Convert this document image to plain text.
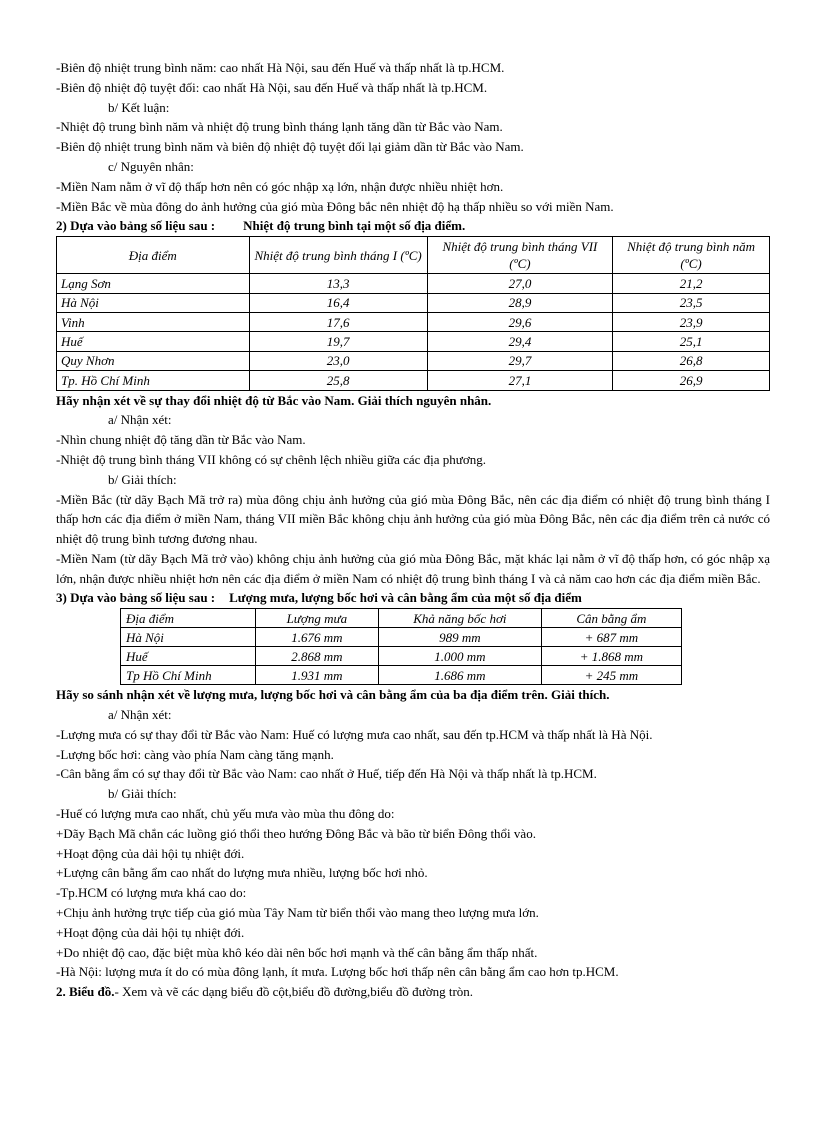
-Biên độ nhiệt trung bình năm: cao nhất Hà Nội, sau đến Huế và thấp nhất là tp.HCM.
-Biên độ nhiệt độ tuyệt đối: cao nhất Hà Nội, sau đến Huế và thấp nhất là tp.HCM.
b/ Kết luận:
-Nhiệt độ trung bình năm và nhiệt độ trung bình tháng lạnh tăng dần từ Bắc vào Nam.
-Biên độ nhiệt trung bình năm và biên độ nhiệt độ tuyệt đối lại giảm dần từ Bắc vào Nam.
c/ Nguyên nhân:
-Miền Nam nằm ở vĩ độ thấp hơn nên có góc nhập xạ lớn, nhận được nhiều nhiệt hơn.
-Miền Bắc về mùa đông do ảnh hưởng của gió mùa Đông bắc nên nhiệt độ hạ thấp nhiều so với miền Nam.
2) Dựa vào bảng số liệu sau : Nhiệt độ trung bình tại một số địa điểm.
Địa điểm	Nhiệt độ trung bình tháng I (ºC)	Nhiệt độ trung bình tháng VII (ºC)	Nhiệt độ trung bình năm (ºC)
Lạng Sơn	13,3	27,0	21,2
Hà Nội	16,4	28,9	23,5
Vinh	17,6	29,6	23,9
Huế	19,7	29,4	25,1
Quy Nhơn	23,0	29,7	26,8
Tp. Hồ Chí Minh	25,8	27,1	26,9
Hãy nhận xét về sự thay đổi nhiệt độ từ Bắc vào Nam. Giải thích nguyên nhân.
a/ Nhận xét:
-Nhìn chung nhiệt độ tăng dần từ Bắc vào Nam.
-Nhiệt độ trung bình tháng VII không có sự chênh lệch nhiều giữa các địa phương.
b/ Giải thích:
-Miền Bắc (từ dãy Bạch Mã trở ra) mùa đông chịu ảnh hưởng của gió mùa Đông Bắc, nên các địa điểm có nhiệt độ trung bình tháng I thấp hơn các địa điểm ở miền Nam, tháng VII miền Bắc không chịu ảnh hưởng của gió mùa Đông Bắc, nên các địa điểm trên cả nước có nhiệt độ trung bình tương đương nhau.
-Miền Nam (từ dãy Bạch Mã trở vào) không chịu ảnh hưởng của gió mùa Đông Bắc, mặt khác lại nằm ở vĩ độ thấp hơn, có góc nhập xạ lớn, nhận được nhiều nhiệt hơn nên các địa điểm ở miền Nam có nhiệt độ trung bình tháng I và cả năm cao hơn các địa điểm miền Bắc.
3) Dựa vào bảng số liệu sau : Lượng mưa, lượng bốc hơi và cân bằng ẩm của một số địa điểm
Địa điểm	Lượng mưa	Khả năng bốc hơi	Cân bằng ẩm
Hà Nội	1.676 mm	989 mm	+ 687 mm
Huế	2.868 mm	1.000 mm	+ 1.868 mm
Tp Hồ Chí Minh	1.931 mm	1.686 mm	+ 245 mm
Hãy so sánh nhận xét về lượng mưa, lượng bốc hơi và cân bằng ẩm của ba địa điểm trên. Giải thích.
a/ Nhận xét:
-Lượng mưa có sự thay đổi từ Bắc vào Nam: Huế có lượng mưa cao nhất, sau đến tp.HCM và thấp nhất là Hà Nội.
-Lượng bốc hơi: càng vào phía Nam càng tăng mạnh.
-Cân bằng ẩm có sự thay đổi từ Bắc vào Nam: cao nhất ở Huế, tiếp đến Hà Nội và thấp nhất là tp.HCM.
b/ Giải thích:
-Huế có lượng mưa cao nhất, chủ yếu mưa vào mùa thu đông do:
+Dãy Bạch Mã chắn các luồng gió thổi theo hướng Đông Bắc và bão từ biển Đông thổi vào.
+Hoạt động của dải hội tụ nhiệt đới.
+Lượng cân bằng ẩm cao nhất do lượng mưa nhiều, lượng bốc hơi nhỏ.
-Tp.HCM có lượng mưa khá cao do:
+Chịu ảnh hưởng trực tiếp của gió mùa Tây Nam từ biển thổi vào mang theo lượng mưa lớn.
+Hoạt động của dải hội tụ nhiệt đới.
+Do nhiệt độ cao, đặc biệt mùa khô kéo dài nên bốc hơi mạnh và thế cân bằng ẩm thấp nhất.
-Hà Nội: lượng mưa ít do có mùa đông lạnh, ít mưa. Lượng bốc hơi thấp nên cân bằng ẩm cao hơn tp.HCM.
2. Biểu đồ.- Xem và vẽ các dạng biểu đồ cột,biểu đồ đường,biểu đồ đường tròn.
